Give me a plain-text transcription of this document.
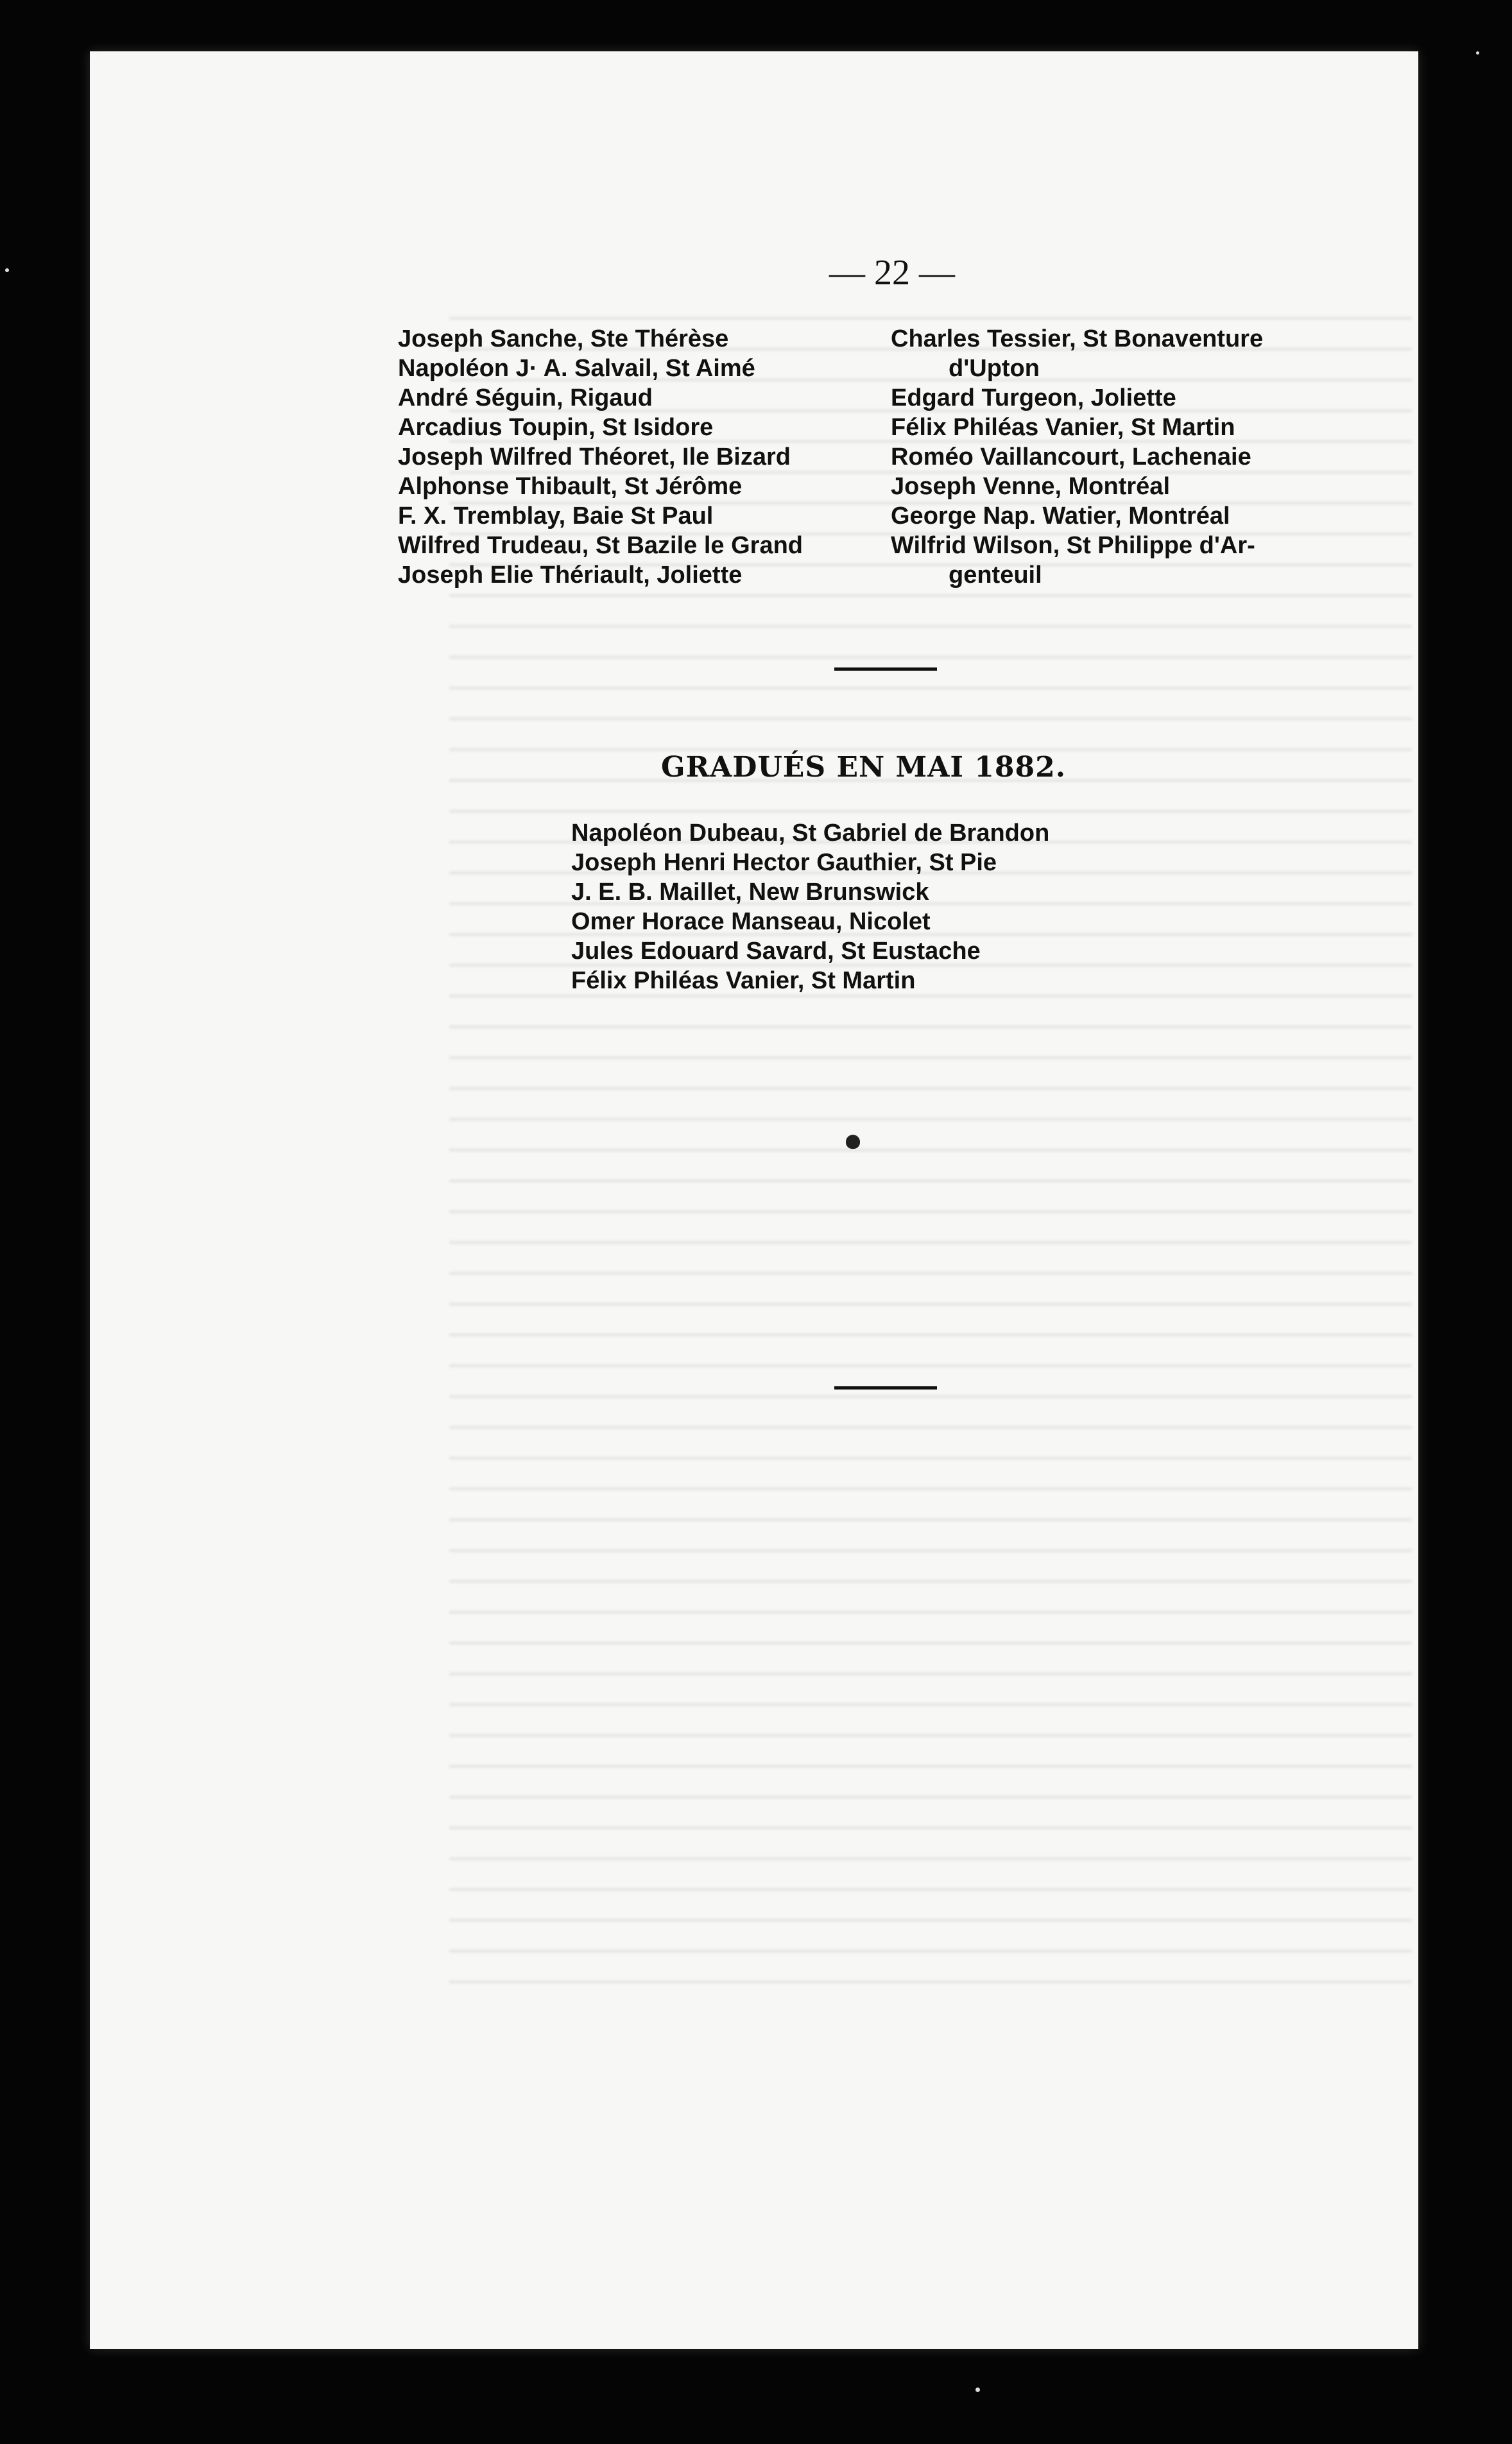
— 22 —
Joseph Sanche, Ste Thérèse
Napoléon J· A. Salvail, St Aimé
André Séguin, Rigaud
Arcadius Toupin, St Isidore
Joseph Wilfred Théoret, Ile Bizard
Alphonse Thibault, St Jérôme
F. X. Tremblay, Baie St Paul
Wilfred Trudeau, St Bazile le Grand
Joseph Elie Thériault, Joliette
Charles Tessier, St Bonaventure
d'Upton
Edgard Turgeon, Joliette
Félix Philéas Vanier, St Martin
Roméo Vaillancourt, Lachenaie
Joseph Venne, Montréal
George Nap. Watier, Montréal
Wilfrid Wilson, St Philippe d'Ar-
genteuil
GRADUÉS EN MAI 1882.
Napoléon Dubeau, St Gabriel de Brandon
Joseph Henri Hector Gauthier, St Pie
J. E. B. Maillet, New Brunswick
Omer Horace Manseau, Nicolet
Jules Edouard Savard, St Eustache
Félix Philéas Vanier, St Martin
